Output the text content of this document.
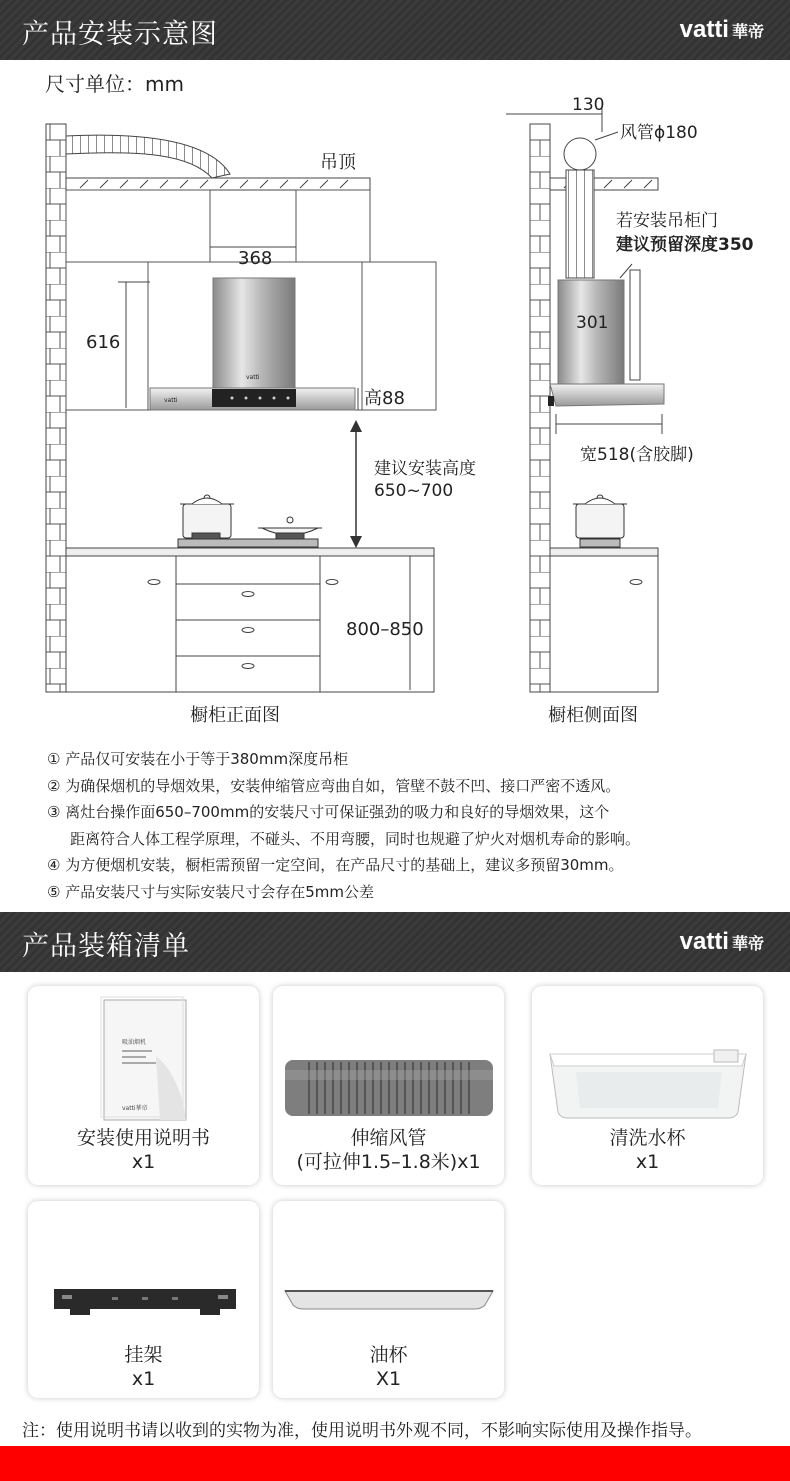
产品安装示意图	vatti 華帝
尺寸单位：mm
吊顶
368
616
vatti
vatti	高88
建议安装高度
650~700
800–850
橱柜正面图
130
风管ϕ180
若安装吊柜门
建议预留深度350
301
宽518(含胶脚)
橱柜侧面图
① 产品仅可安装在小于等于380mm深度吊柜
② 为确保烟机的导烟效果，安装伸缩管应弯曲自如，管壁不鼓不凹、接口严密不透风。
③ 离灶台操作面650–700mm的安装尺寸可保证强劲的吸力和良好的导烟效果，这个
距离符合人体工程学原理，不碰头、不用弯腰，同时也规避了炉火对烟机寿命的影响。
④ 为方便烟机安装，橱柜需预留一定空间，在产品尺寸的基础上，建议多预留30mm。
⑤ 产品安装尺寸与实际安装尺寸会存在5mm公差
产品装箱清单	vatti 華帝
吸油烟机
vatti華帝
安装使用说明书
x1
伸缩风管
(可拉伸1.5–1.8米)x1
清洗水杯
x1
挂架
x1
油杯
X1
注：使用说明书请以收到的实物为准，使用说明书外观不同，不影响实际使用及操作指导。
